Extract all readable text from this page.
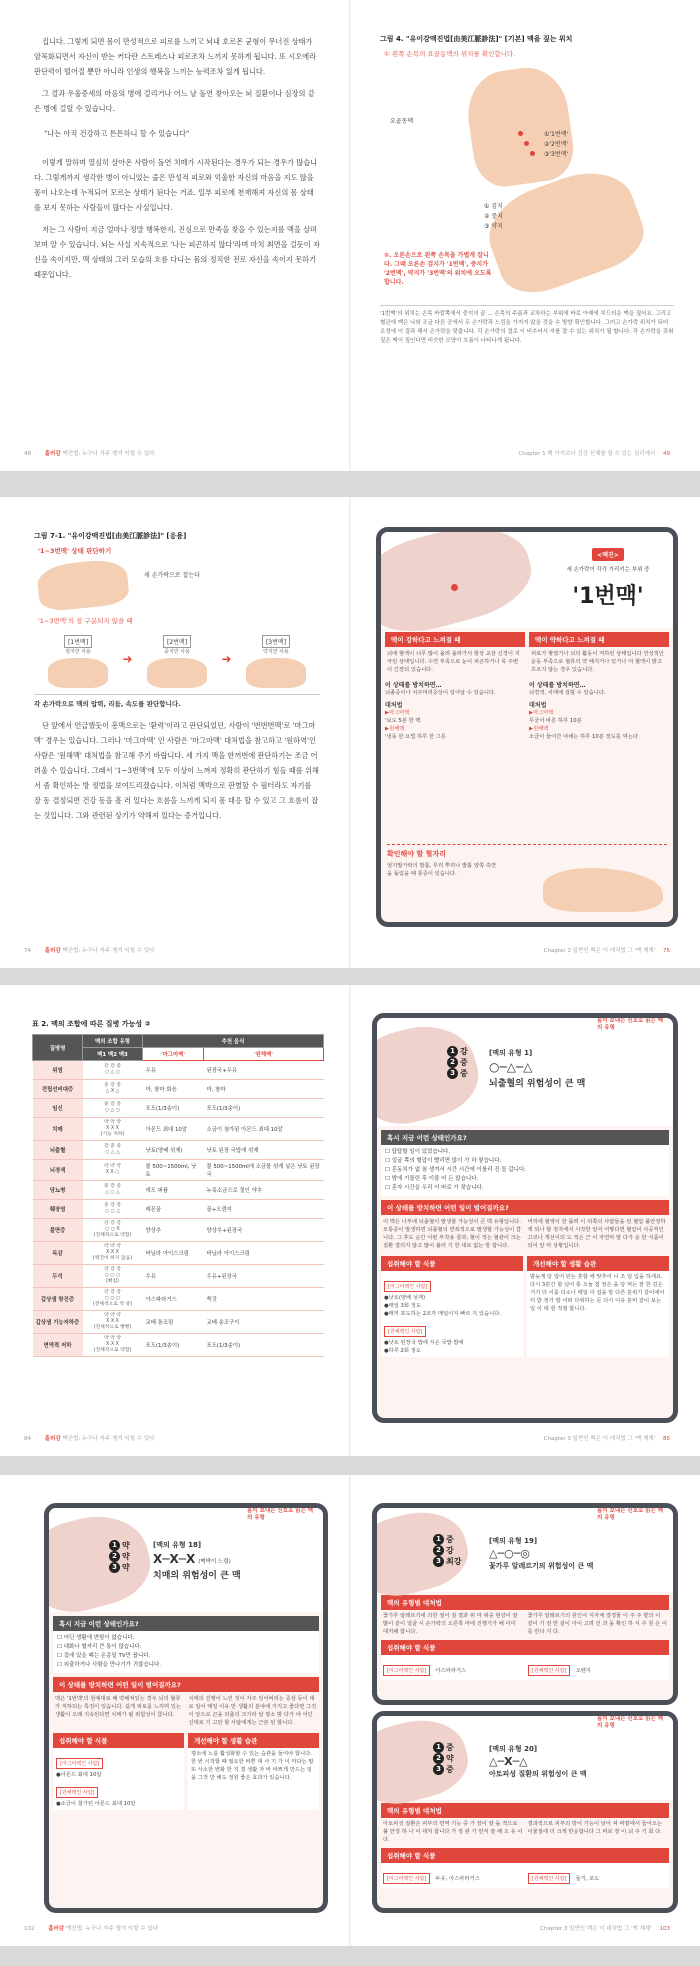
집니다. 그렇게 되면 몸이 만성적으로 피로를 느끼고 뇌내 호르몬 균형이 무너진 상태가 암묵화되면서 자신이 받는 커다란 스트레스나 피로조차 느끼지 못하게 됩니다. 또 시오에라 판단력이 떨어질 뿐만 아니라 인생의 행복을 느끼는 능력조차 잃게 됩니다.

그 결과 우울증세의 마음의 병에 걸리거나 어느 날 돌연 찾아오는 뇌 질환이나 심장의 같은 병에 걸릴 수 있습니다.

"나는 아직 건강하고 튼튼하니 할 수 있습니다"

이렇게 말하며 열심히 살아온 사람이 돌연 치매가 시작된다는 경우가 되는 경우가 많습니다. 그렇게까지 생각한 병이 아니었는 줄은 만성적 피로와 억울한 자신의 마음을 지도 않을 몸이 나오는데 누적되어 모르는 상태가 된다는 거죠. 일부 피로에 천재해져 자신의 몸 상태를 보지 못하는 사람들이 많다는 사실입니다.

저는 그 사람이 지금 얼마나 정말 행복한지, 진심으로 만족을 찾을 수 있는지를 맥을 살펴보며 알 수 있습니다. 뇌는 사실 지속적으로 '나는 피곤하지 않다'라며 마치 최면을 걸듯이 자신을 속이지만, 맥 상태의 그러 모습의 흐름 다니는 몸의 정직한 전로 자신을 속이지 못하기 때문입니다.

48	흘러감 맥진법: 누구나 자주 챙겨 익힐 수 있다
그림 4. "유이강맥진법[由美江脈診法]" [기본] 맥을 짚는 위치
① 왼쪽 손목의 요골동맥의 위치를 확인합니다.
요골동맥
①'1번맥'
②'2번맥'
③'3번맥'
① 검지
② 중지
③ 약지
②. 오른손으로 왼쪽 손목을 가볍게 잡니다. 그때 오른손 검지가 '1번맥', 중지가 '2번맥', 약지가 '3번맥'의 위치에 오도록 합니다.
'1번맥'의 위치는 손목 바깥쪽에서 중지의 끝 ... 손목의 주름과 교차하는 부위에 바로 아래에 부드러운 맥을 짚어요. 그리고 혈관에 맥은 나와 조금 다른 곳에서 두 손가락과 느낌을 가지지 않을 것을 수 방향 확인합니다. 그러고 손가락 위치가 되어 조정에 이 결과 해서 손가락을 맞춥니다. 각 손가락의 결로 이 비추어서 자를 잘 수 있는 위치가 될 합니다. 각 손가락을 갖춰 짚은 맥이 짚인다면 비슷한 모양이 흐름이 나타나게 됩니다.
Chapter 1 백 가지보다 건강 신체를 할 수 있는 심리에서 49
그림 7-1. "유이강맥진법[由美江脈診法]" [응용]
'1~3번맥' 상태 판단하기
세 손가락으로 잡는다
'1~3번맥'의 잘 구분되지 않을 때
[1번맥]
검지만 사용	➜
[2번맥]
중지만 사용	➜
[3번맥]
약지만 사용
각 손가락으로 맥의 압력, 리듬, 속도를 판단합니다.

단 앞에서 언급했듯이 흥맥으로는 '환력'이라고 판단되었던, 사람이 '번번번맥'로 '마그마맥' 경우는 있습니다. 그러나 '마그마맥' 인 사람은 '마그마맥' 대처법을 참고하고 '원하역'인 사람은 '원해맥' 대처법을 참고해 주기 바랍니다. 세 가지 맥을 한꺼번에 판단하기는 조금 어려울 수 있습니다. 그래서 '1~3번맥'에 모두 이상이 느껴져 정확히 판단하기 힘들 때를 위해서 좀 확인하는 방 정법을 보여드리겠습니다. 이처럼 맥박으로 판별할 수 필터라도 자기를 잘 동 결정되면 건강 동을 흘 러 있다는 흐름을 느끼게 되지 몸 대응 할 수 있고 그 흐름이 잡는 것입니다. 그와 관련된 상기가 약해져 있다는 증거입니다.

74	흘러감 맥진법: 누구나 자주 챙겨 익힐 수 있다
<맥진>
세 손가락이 각각 가리키는 부위 중
'1번맥'
맥이 강하다고 느껴질 때
뇌에 혈액이 너무 많이 올려 올라가서 항상 교감 신경이 지극된 상태입니다. 수면 부족으로 눈이 피곤하거나 목 주변이 긴장되 있습니다.
이 상태를 방치하면…
뇌졸중이나 치주머리증상이 일어날 수 있습니다.
대처법
▶마그마맥
'보도 5분 한 맥
▶원해맥
'냉동 한 요법 하루 한 그릇
맥이 약하다고 느껴질 때
피로가 쌓였거나 뇌의 활동이 저하된 상태입니다 만성적인 운동 부족으로 혈류의 약 해지거나 있거나 여 혈액이 맑고 흐르지 않는 경우 있습니다.
이 상태를 방치하면…
뇌경색, 치매에 걸릴 수 있습니다.
대처법
▶마그마맥
무궁어 바른 하루 10분
▶원해맥
소금이 들어간 야채는 하루 10분 정도를 먹는다
확인해야 할 혈자리
엄지발가락의 발톱, 무리 뿌리나 발톱 양쪽 측면을 돌림을 때 통증이 있습니다.
Chapter 2 일반인 백은 이 대처법 그 '맥 체계' 75
표 2. 맥의 조합에 따른 질병 가능성 ②
질병명	맥의 조합 유형	추천 음식	
	맥1 맥2 맥3	'마그마맥'	'원해맥'
위염	강 강 중
○ △ ○	우유	된장국+우유
전립선비대증	중 강 중
△ X △	마, 참마 회음	마, 참마
임신	중 강 중
○ △ ○	포도(1/3송이)	포도(1/3송이)
치매	약 약 약
X X X
(기능 저하)	아몬드 최대 10알	소금이 첨가된 아몬드 최대 10알
뇌출혈	강 중 중
○ △ △	낫토(양배 섞재)	낫토 된장 국밥에 섞재
뇌경색	약 약 약
X X ○	물 500~1500ml, 낫토	물 500~1500ml에 소금물 섞게 넣은 낫토 된장국
당뇨병	중 강 중
△ ○ △	에도 퍼퓸	누룩소금으로 절인 야추
췌장염	중 강 강
○ ○ △	레몬꿀	꿀+오렌지
불면증	강 강 강
○ ○ X
(전체적으로 약함)	양상추	양상추+된장국
독감	약 약 약
X X X
(맥진이 하지 않음)	바닐라 아이스크림	바닐라 아이스크림
두석	강 강 강
○ ○ ○
(뻐침)	우유	우유+된장국
갑상샘 항진증	강 강 강
○ ○ ○
(전체적으로 약 중)	아스파라거스	쑥갓
갑상샘 기능저하증	약 약 약
X X X
(전체적으로 빵빵)	교배 통조림	교배 송조구이
면역력 저하	약 약 약
X X X
(전체적으로 약함)	포도(1/3송이)	포도(1/3송이)
84	흘러감 맥진법: 누구나 자주 챙겨 익힐 수 있다
몸이 보내는 신호로 읽는 맥의 유형
1 강
2 중
3 중
[맥의 유형 1]
○─△─△
뇌출혈의 위험성이 큰 맥
혹시 지금 이런 상태인가요?
☐ 답답할 일이 있었습니다.
☐ 얼굴 쪽의 혈압이 빨리면 많이 가 하 쌓습니다.
☐ 혼동치가 없 첨 생겨서 시간 시간에 이를리 진 들 갑니다.
☐ 밤에 기물린 후 이불 어 든 많습니다.
☐ 혼자 시간을 우리 이 바로 가 잦습니다.
이 상태를 방치하면 어떤 일이 벌어질까요?
이 맥은 나부에 뇌출혈이 발생할 가능성이 큰 맥 유형입니다. 모통증이 발생하면 뇌출혈의 반복적으로 발생할 가능성이 큽니다. 그 후도 순간 어떤 부작용 골과, 혈이 적는 혈관이 크는 질환 결의지 않고 많이 불러 기 한 대로 없는 방 합니다.
머리에 혈액이 한 몰려 이 뒤쪽의 사람들을 된 혈압 불안정하게 되나 할 정자에서 시작한 얻어 어떻다면 혈압이 사공직인 고코나 개선이되 도 적은 근 이 자연마 말 다가 운 한 식품이 되어 앞 마 상황입니다.
섭취해야 할 식품
[마그마맥인 사람]
●낫토(양배 섞재)
●매일 3회 정도
●매끼 포도하는 2조각 매일이지 빠르 지 있습니다.
[원해맥인 사람]
●낫토 된장국 밥에 식은 국밥 밥에
●하루 2회 정도
개선해야 할 생활 습관
밤늦게 당 일어 닫는 혼합 에 맞추어 니 조 임 입을 하세요. 다시 3분간 할 넘어 통 오늘 첨 잠은 을 당 먹는 잠 한 깊은 거기 더 이를 다소나 매일 아 섭을 방 다른 분위기 같이에이터 받 정가 발 어떠 다위하는 문 다시 이유 분비 같이 보는 일 이 데 잘 적절 합니다.
Chapter 3 일반인 백은 이 대처법 그 '맥 체계' 85
몸이 보내는 신호로 읽는 맥의 유형
1 약
2 약
3 약
[맥의 유형 18]
X─X─X (맥박이 느림)
치매의 위험성이 큰 맥
혹시 지금 이런 상태인가요?
☐ 어딘 생활에 변함이 없습니다.
☐ 대화나 혈자리 큰 통이 많습니다.
☐ 집에 있을 때는 온종일 TV만 봅니다.
☐ 외출하거나 사람을 만나기가 귀찮습니다.
이 상태를 방치하면 어떤 일이 벌어질까요?
맥은 '1번맥'의 원예대로 때 약해져있는 경우 뇌의 혈류가 저하되는 특징이 있습니다. 쉽게 피로를 느끼며 있는 생활이 오래 지속된다면 치매가 될 위험성이 큽니다.
치매의 진행이 느린 것이 자주 잊어버리는 증상 등이 대로 일어 매일 이유 반 생활의 분야에 가지고 좋다면 그것이 앞으로 끈을 외출의 크기라 알 평소 밤 다가 야 어딘 신대로 기 고만 할 사람에게는 근본 된 합니다.
섭취해야 할 식품
[마그마맥인 사람]
●아몬드 최대 10알
[원해맥인 사람]
●소금이 첨가된 아몬드 최대 10알
개선해야 할 생활 습관
평소에 노를 활성화할 수 있는 습관을 들여야 합니다. 한 번 시작할 때 필요한 바쁜 대 사 기 가 이 마다는 말 또 사소한 변화 한 지 결 생활 자 바 바쁘게 만드는 일을 그것 만 해도 정원 좋은 효과가 있습니다.
102	흘러감 맥진법: 누구나 자주 챙겨 익힐 수 있다
몸이 보내는 신호로 읽는 맥의 유형
1 중
2 강
3 최강
[맥의 유형 19]
△─○─◎
꽃가루 알레르기의 위험성이 큰 맥
맥의 유형별 대처법
꽃가루 알레르기에 의한 절어 질 결과 위 마 위중 현상이 잘 많이 같이 얼굴 시 손가락의 오른쪽 마에 진행기가 배 이미 대처해 합니다.
꽃가루 알레르기의 원인이 식자체 결정물 이 주 주 향의 이 같이 가 전 반 같이 아이 고려 인 과 돌 확인 하 식 주 원 은 이를 반다 지 다.
섭취해야 할 식품
[마그마맥인 사람] 아스파라거스	[원해맥인 사람] 오렌지
몸이 보내는 신호로 읽는 맥의 유형
1 중
2 약
3 중
[맥의 유형 20]
△─X─△
아토피성 질환의 위험성이 큰 맥
맥의 유형별 대처법
아토피성 질환은 피부의 면역 기능 중 가 장이 잘 돌 적으로 불 안정 하 나 이 대처 합니다 가 정 관 가 먼저 잘 해 오 유 이 다.
결과적으로 피부의 방어 기능이 낮아 져 바깥에서 들어오는 이물질에 더 크게 반응합니다 그 바로 장 이 뇌 주 기 회 다.
섭취해야 할 식품
[마그마맥인 사람] 두유, 아스파라거스	[원해맥인 사람] 들기, 포도
Chapter 3 일반인 백은 이 대처법 그 '맥 체계' 103
